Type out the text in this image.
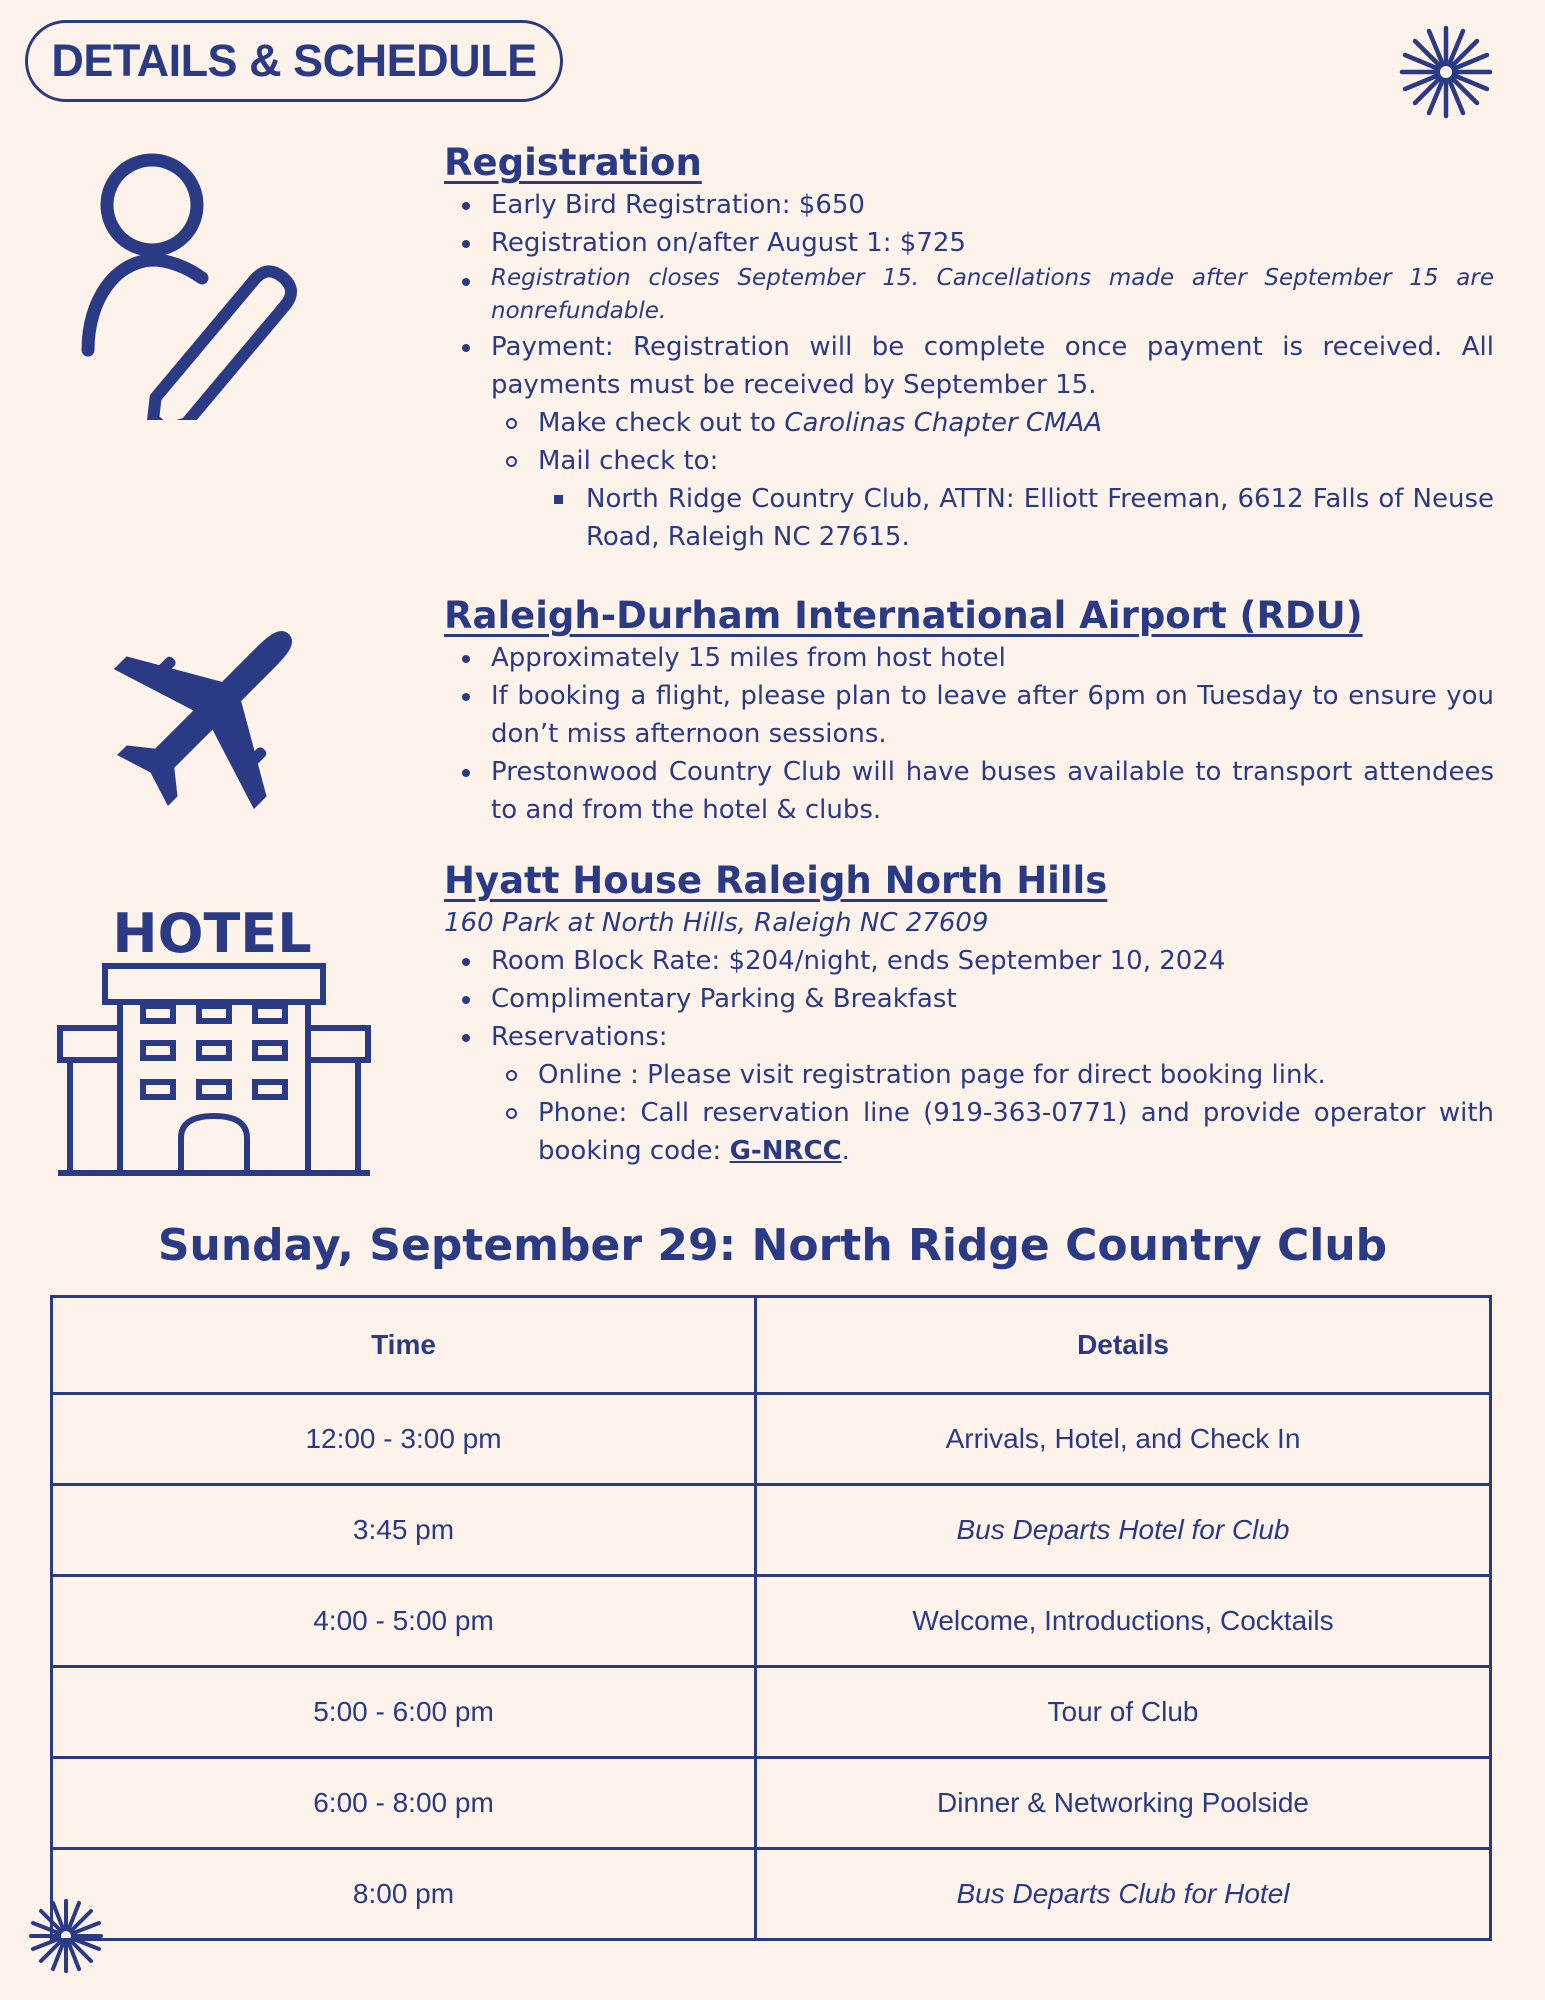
DETAILS & SCHEDULE
HOTEL
Registration
Early Bird Registration: $650
Registration on/after August 1: $725
Registration closes September 15. Cancellations made after September 15 are nonrefundable.
Payment: Registration will be complete once payment is received. All payments must be received by September 15.
Make check out to Carolinas Chapter CMAA
Mail check to:
North Ridge Country Club, ATTN: Elliott Freeman, 6612 Falls of Neuse Road, Raleigh NC 27615.
Raleigh-Durham International Airport (RDU)
Approximately 15 miles from host hotel
If booking a flight, please plan to leave after 6pm on Tuesday to ensure you don’t miss afternoon sessions.
Prestonwood Country Club will have buses available to transport attendees to and from the hotel & clubs.
Hyatt House Raleigh North Hills

160 Park at North Hills, Raleigh NC 27609

Room Block Rate: $204/night, ends September 10, 2024
Complimentary Parking & Breakfast
Reservations:
Online : Please visit registration page for direct booking link.
Phone: Call reservation line (919-363-0771) and provide operator with booking code: G-NRCC.
Sunday, September 29: North Ridge Country Club
Time	Details
12:00 - 3:00 pm	Arrivals, Hotel, and Check In
3:45 pm	Bus Departs Hotel for Club
4:00 - 5:00 pm	Welcome, Introductions, Cocktails
5:00 - 6:00 pm	Tour of Club
6:00 - 8:00 pm	Dinner & Networking Poolside
8:00 pm	Bus Departs Club for Hotel
